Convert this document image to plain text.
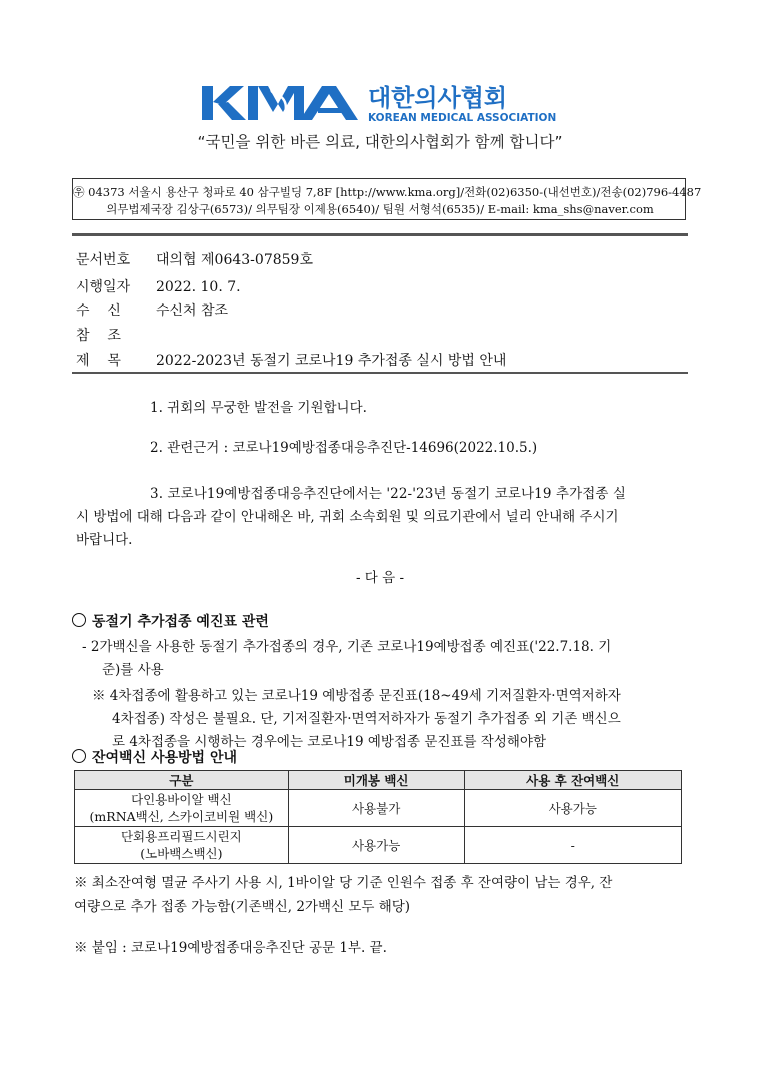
대한의사협회
KOREAN MEDICAL ASSOCIATION
“국민을 위한 바른 의료, 대한의사협회가 함께 합니다”
㉾ 04373 서울시 용산구 청파로 40 삼구빌딩 7,8F [http://www.kma.org]/전화(02)6350-(내선번호)/전송(02)796-4487
의무법제국장 김상구(6573)/ 의무팀장 이제용(6540)/ 팀원 서형석(6535)/ E-mail: kma_shs@naver.com
문서번호 대의협 제0643-07859호
시행일자 2022. 10. 7.
수    신	수신처 참조
참    조
제    목	2022-2023년 동절기 코로나19 추가접종 실시 방법 안내
1. 귀회의 무궁한 발전을 기원합니다.
2. 관련근거 : 코로나19예방접종대응추진단-14696(2022.10.5.)
3. 코로나19예방접종대응추진단에서는 '22-'23년 동절기 코로나19 추가접종 실
시 방법에 대해 다음과 같이 안내해온 바, 귀회 소속회원 및 의료기관에서 널리 안내해 주시기
바랍니다.
- 다 음 -
동절기 추가접종 예진표 관련
- 2가백신을 사용한 동절기 추가접종의 경우, 기존 코로나19예방접종 예진표('22.7.18. 기
준)를 사용
※ 4차접종에 활용하고 있는 코로나19 예방접종 문진표(18~49세 기저질환자·면역저하자
4차접종) 작성은 불필요. 단, 기저질환자·면역저하자가 동절기 추가접종 외 기존 백신으
로 4차접종을 시행하는 경우에는 코로나19 예방접종 문진표를 작성해야함
잔여백신 사용방법 안내
구분	미개봉 백신	사용 후 잔여백신
다인용바이알 백신
(mRNA백신, 스카이코비원 백신)	사용불가	사용가능
단회용프리필드시린지
(노바백스백신)	사용가능	-
※ 최소잔여형 멸균 주사기 사용 시, 1바이알 당 기준 인원수 접종 후 잔여량이 남는 경우, 잔
여량으로 추가 접종 가능함(기존백신, 2가백신 모두 해당)
※ 붙임 : 코로나19예방접종대응추진단 공문 1부. 끝.
